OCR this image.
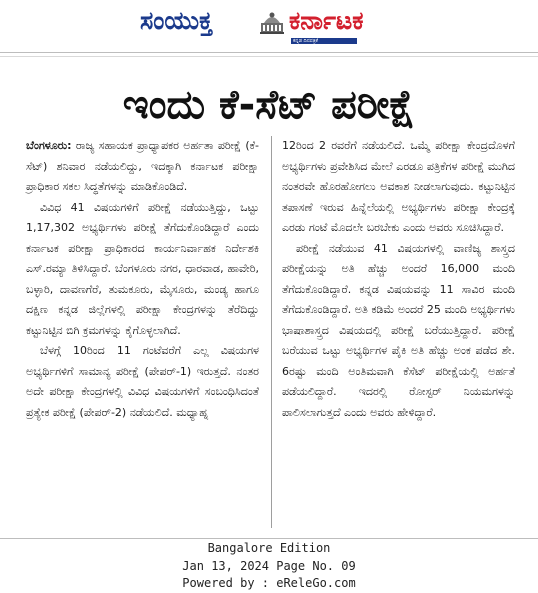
ಸಂಯುಕ್ತ	ಕರ್ನಾಟಕ
ಕನ್ನಡ ದಿನಪತ್ರಿಕೆ
ಇಂದು ಕೆ-ಸೆಟ್ ಪರೀಕ್ಷೆ

ಬೆಂಗಳೂರು: ರಾಜ್ಯ ಸಹಾಯಕ ಪ್ರಾಧ್ಯಾಪಕರ ಅರ್ಹತಾ ಪರೀಕ್ಷೆ (ಕೆ-ಸೆಟ್) ಶನಿವಾರ ನಡೆಯಲಿದ್ದು, ಇದಕ್ಕಾಗಿ ಕರ್ನಾಟಕ ಪರೀಕ್ಷಾ ಪ್ರಾಧಿಕಾರ ಸಕಲ ಸಿದ್ಧತೆಗಳನ್ನು ಮಾಡಿಕೊಂಡಿದೆ.

ವಿವಿಧ 41 ವಿಷಯಗಳಿಗೆ ಪರೀಕ್ಷೆ ನಡೆಯುತ್ತಿದ್ದು, ಒಟ್ಟು 1,17,302 ಅಭ್ಯರ್ಥಿಗಳು ಪರೀಕ್ಷೆ ತೆಗೆದುಕೊಂಡಿದ್ದಾರೆ ಎಂದು ಕರ್ನಾಟಕ ಪರೀಕ್ಷಾ ಪ್ರಾಧಿಕಾರದ ಕಾರ್ಯನಿರ್ವಾಹಕ ನಿರ್ದೇಶಕಿ ಎಸ್.ರಮ್ಯಾ ತಿಳಿಸಿದ್ದಾರೆ. ಬೆಂಗಳೂರು ನಗರ, ಧಾರವಾಡ, ಹಾವೇರಿ, ಬಳ್ಳಾರಿ, ದಾವಣಗೆರೆ, ತುಮಕೂರು, ಮೈಸೂರು, ಮಂಡ್ಯ ಹಾಗೂ ದಕ್ಷಿಣ ಕನ್ನಡ ಜಿಲ್ಲೆಗಳಲ್ಲಿ ಪರೀಕ್ಷಾ ಕೇಂದ್ರಗಳನ್ನು ತೆರೆದಿದ್ದು ಕಟ್ಟುನಿಟ್ಟಿನ ಬಿಗಿ ಕ್ರಮಗಳನ್ನು ಕೈಗೊಳ್ಳಲಾಗಿದೆ.

ಬೆಳಗ್ಗೆ 10ರಿಂದ 11 ಗಂಟೆವರೆಗೆ ಎಲ್ಲ ವಿಷಯಗಳ ಅಭ್ಯರ್ಥಿಗಳಿಗೆ ಸಾಮಾನ್ಯ ಪರೀಕ್ಷೆ (ಪೇಪರ್-1) ಇರುತ್ತದೆ. ನಂತರ ಅದೇ ಪರೀಕ್ಷಾ ಕೇಂದ್ರಗಳಲ್ಲಿ ವಿವಿಧ ವಿಷಯಗಳಿಗೆ ಸಂಬಂಧಿಸಿದಂತೆ ಪ್ರತ್ಯೇಕ ಪರೀಕ್ಷೆ (ಪೇಪರ್-2) ನಡೆಯಲಿದೆ. ಮಧ್ಯಾಹ್ನ

12ರಿಂದ 2 ರವರೆಗೆ ನಡೆಯಲಿದೆ. ಒಮ್ಮೆ ಪರೀಕ್ಷಾ ಕೇಂದ್ರದೊಳಗೆ ಅಭ್ಯರ್ಥಿಗಳು ಪ್ರವೇಶಿಸಿದ ಮೇಲೆ ಎರಡೂ ಪತ್ರಿಕೆಗಳ ಪರೀಕ್ಷೆ ಮುಗಿದ ನಂತರವೇ ಹೊರಹೋಗಲು ಅವಕಾಶ ನೀಡಲಾಗುವುದು. ಕಟ್ಟುನಿಟ್ಟಿನ ತಪಾಸಣೆ ಇರುವ ಹಿನ್ನೆಲೆಯಲ್ಲಿ ಅಭ್ಯರ್ಥಿಗಳು ಪರೀಕ್ಷಾ ಕೇಂದ್ರಕ್ಕೆ ಎರಡು ಗಂಟೆ ಮೊದಲೇ ಬರಬೇಕು ಎಂದು ಅವರು ಸೂಚಿಸಿದ್ದಾರೆ.

ಪರೀಕ್ಷೆ ನಡೆಯುವ 41 ವಿಷಯಗಳಲ್ಲಿ ವಾಣಿಜ್ಯ ಶಾಸ್ತ್ರದ ಪರೀಕ್ಷೆಯನ್ನು ಅತಿ ಹೆಚ್ಚು ಅಂದರೆ 16,000 ಮಂದಿ ತೆಗೆದುಕೊಂಡಿದ್ದಾರೆ. ಕನ್ನಡ ವಿಷಯವನ್ನು 11 ಸಾವಿರ ಮಂದಿ ತೆಗೆದುಕೊಂಡಿದ್ದಾರೆ. ಅತಿ ಕಡಿಮೆ ಅಂದರೆ 25 ಮಂದಿ ಅಭ್ಯರ್ಥಿಗಳು ಭಾಷಾಶಾಸ್ತ್ರದ ವಿಷಯದಲ್ಲಿ ಪರೀಕ್ಷೆ ಬರೆಯುತ್ತಿದ್ದಾರೆ. ಪರೀಕ್ಷೆ ಬರೆಯುವ ಒಟ್ಟು ಅಭ್ಯರ್ಥಿಗಳ ಪೈಕಿ ಅತಿ ಹೆಚ್ಚು ಅಂಕ ಪಡೆದ ಶೇ. 6ರಷ್ಟು ಮಂದಿ ಅಂತಿಮವಾಗಿ ಕೆಸೆಟ್ ಪರೀಕ್ಷೆಯಲ್ಲಿ ಅರ್ಹತೆ ಪಡೆಯಲಿದ್ದಾರೆ. ಇದರಲ್ಲಿ ರೋಸ್ಟರ್ ನಿಯಮಗಳನ್ನು ಪಾಲಿಸಲಾಗುತ್ತದೆ ಎಂದು ಅವರು ಹೇಳಿದ್ದಾರೆ.

Bangalore Edition
Jan 13, 2024 Page No. 09
Powered by : eReleGo.com
